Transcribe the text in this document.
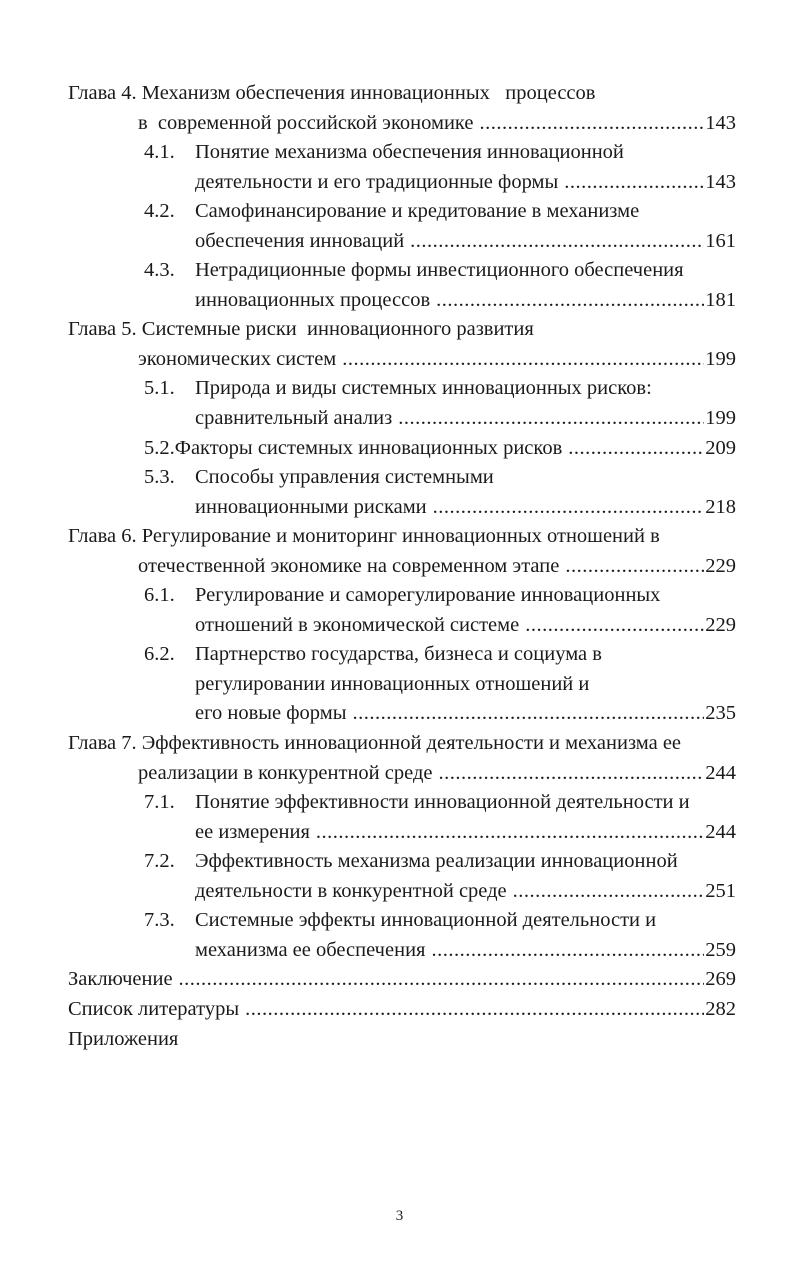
Глава 4. Механизм обеспечения инновационных   процессов
в  современной российской экономике .....	143
4.1. Понятие механизма обеспечения инновационной
деятельности и его традиционные формы .....	143
4.2. Самофинансирование и кредитование в механизме
обеспечения инноваций .....	161
4.3. Нетрадиционные формы инвестиционного обеспечения
инновационных процессов .....	181
Глава 5. Системные риски  инновационного развития
экономических систем .....	199
5.1. Природа и виды системных инновационных рисков:
сравнительный анализ .....	199
5.2. Факторы системных инновационных рисков .....	209
5.3. Способы управления системными
инновационными рисками .....	218
Глава 6. Регулирование и мониторинг инновационных отношений в
отечественной экономике на современном этапе .....	229
6.1. Регулирование и саморегулирование инновационных
отношений в экономической системе .....	229
6.2. Партнерство государства, бизнеса и социума в
регулировании инновационных отношений и
его новые формы .....	235
Глава 7. Эффективность инновационной деятельности и механизма ее
реализации в конкурентной среде .....	244
7.1. Понятие эффективности инновационной деятельности и
ее измерения .....	244
7.2. Эффективность механизма реализации инновационной
деятельности в конкурентной среде .....	251
7.3. Системные эффекты инновационной деятельности и
механизма ее обеспечения .....	259
Заключение .....	269
Список литературы .....	282
Приложения
3
